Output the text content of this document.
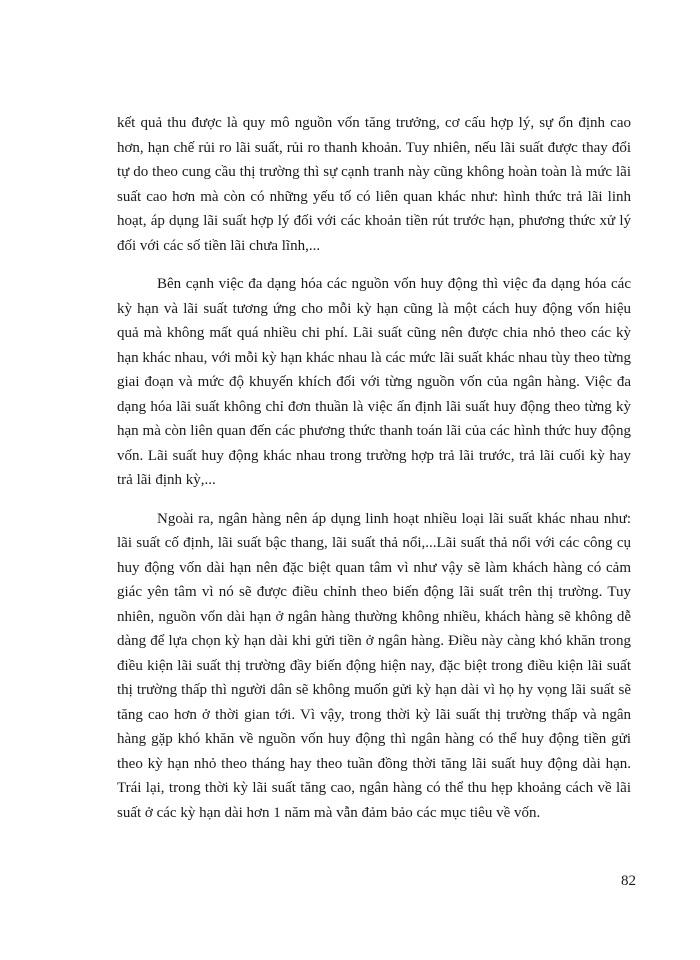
kết quả thu được là quy mô nguồn vốn tăng trưởng, cơ cấu hợp lý, sự ổn định cao hơn, hạn chế rủi ro lãi suất, rủi ro thanh khoản. Tuy nhiên, nếu lãi suất được thay đổi tự do theo cung cầu thị trường thì sự cạnh tranh này cũng không hoàn toàn là mức lãi suất cao hơn mà còn có những yếu tố có liên quan khác như: hình thức trả lãi linh hoạt, áp dụng lãi suất hợp lý đối với các khoản tiền rút trước hạn, phương thức xử lý đối với các số tiền lãi chưa lĩnh,...

Bên cạnh việc đa dạng hóa các nguồn vốn huy động thì việc đa dạng hóa các kỳ hạn và lãi suất tương ứng cho mỗi kỳ hạn cũng là một cách huy động vốn hiệu quả mà không mất quá nhiều chi phí. Lãi suất cũng nên được chia nhỏ theo các kỳ hạn khác nhau, với mỗi kỳ hạn khác nhau là các mức lãi suất khác nhau tùy theo từng giai đoạn và mức độ khuyến khích đối với từng nguồn vốn của ngân hàng. Việc đa dạng hóa lãi suất không chỉ đơn thuần là việc ấn định lãi suất huy động theo từng kỳ hạn mà còn liên quan đến các phương thức thanh toán lãi của các hình thức huy động vốn. Lãi suất huy động khác nhau trong trường hợp trả lãi trước, trả lãi cuối kỳ hay trả lãi định kỳ,...

Ngoài ra, ngân hàng nên áp dụng linh hoạt nhiều loại lãi suất khác nhau như: lãi suất cố định, lãi suất bậc thang, lãi suất thả nổi,...Lãi suất thả nổi với các công cụ huy động vốn dài hạn nên đặc biệt quan tâm vì như vậy sẽ làm khách hàng có cảm giác yên tâm vì nó sẽ được điều chỉnh theo biến động lãi suất trên thị trường. Tuy nhiên, nguồn vốn dài hạn ở ngân hàng thường không nhiều, khách hàng sẽ không dễ dàng để lựa chọn kỳ hạn dài khi gửi tiền ở ngân hàng. Điều này càng khó khăn trong điều kiện lãi suất thị trường đầy biến động hiện nay, đặc biệt trong điều kiện lãi suất thị trường thấp thì người dân sẽ không muốn gửi kỳ hạn dài vì họ hy vọng lãi suất sẽ tăng cao hơn ở thời gian tới. Vì vậy, trong thời kỳ lãi suất thị trường thấp và ngân hàng gặp khó khăn về nguồn vốn huy động thì ngân hàng có thể huy động tiền gửi theo kỳ hạn nhỏ theo tháng hay theo tuần đồng thời tăng lãi suất huy động dài hạn. Trái lại, trong thời kỳ lãi suất tăng cao, ngân hàng có thể thu hẹp khoảng cách về lãi suất ở các kỳ hạn dài hơn 1 năm mà vẫn đảm bảo các mục tiêu về vốn.

82
